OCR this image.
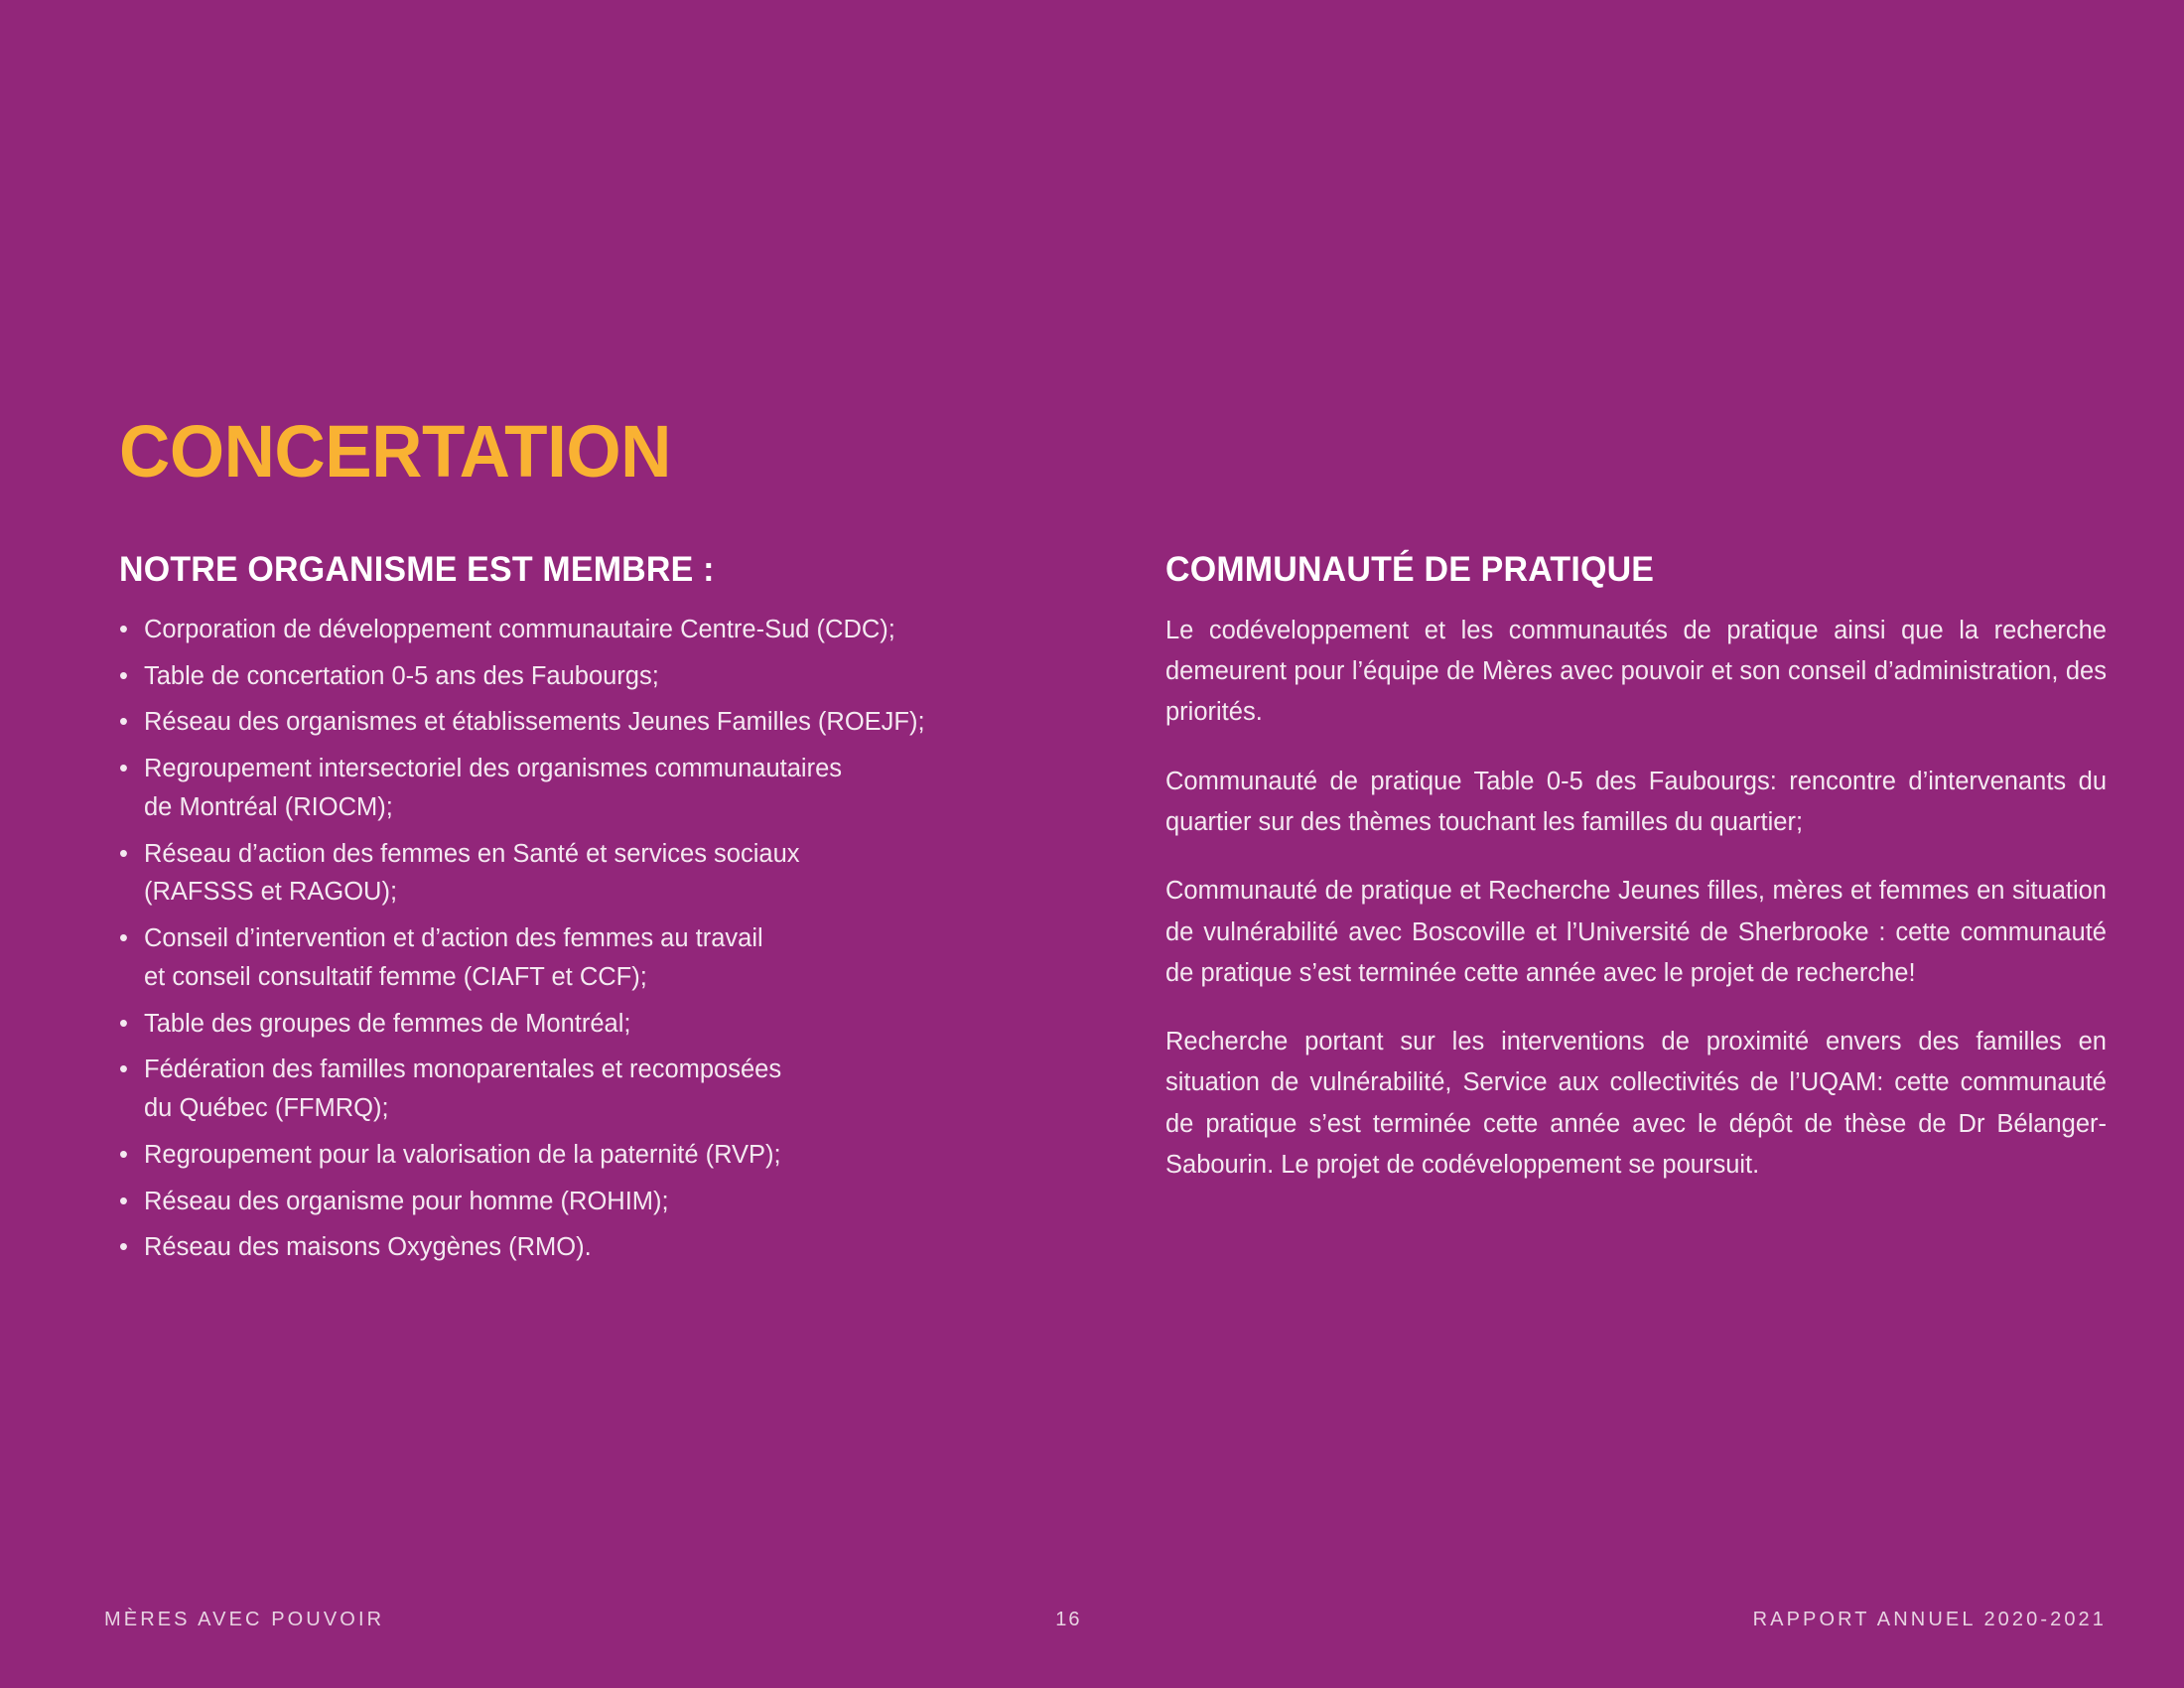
CONCERTATION
NOTRE ORGANISME EST MEMBRE :
• Corporation de développement communautaire Centre-Sud (CDC);
• Table de concertation 0-5 ans des Faubourgs;
• Réseau des organismes et établissements Jeunes Familles (ROEJF);
• Regroupement intersectoriel des organismes communautaires
de Montréal (RIOCM);
• Réseau d’action des femmes en Santé et services sociaux
(RAFSSS et RAGOU);
• Conseil d’intervention et d’action des femmes au travail
et conseil consultatif femme (CIAFT et CCF);
• Table des groupes de femmes de Montréal;
• Fédération des familles monoparentales et recomposées
du Québec (FFMRQ);
• Regroupement pour la valorisation de la paternité (RVP);
• Réseau des organisme pour homme (ROHIM);
• Réseau des maisons Oxygènes (RMO).
COMMUNAUTÉ DE PRATIQUE

Le codéveloppement et les communautés de pratique ainsi que la recherche demeurent pour l’équipe de Mères avec pouvoir et son conseil d’administration, des priorités.

Communauté de pratique Table 0-5 des Faubourgs: rencontre d’intervenants du quartier sur des thèmes touchant les familles du quartier;

Communauté de pratique et Recherche Jeunes filles, mères et femmes en situation de vulnérabilité avec Boscoville et l’Université de Sherbrooke : cette communauté de pratique s’est terminée cette année avec le projet de recherche!

Recherche portant sur les interventions de proximité envers des familles en situation de vulnérabilité, Service aux collectivités de l’UQAM: cette communauté de pratique s’est terminée cette année avec le dépôt de thèse de Dr Bélanger-Sabourin. Le projet de codéveloppement se poursuit.

MÈRES AVEC POUVOIR	16	RAPPORT ANNUEL 2020-2021
